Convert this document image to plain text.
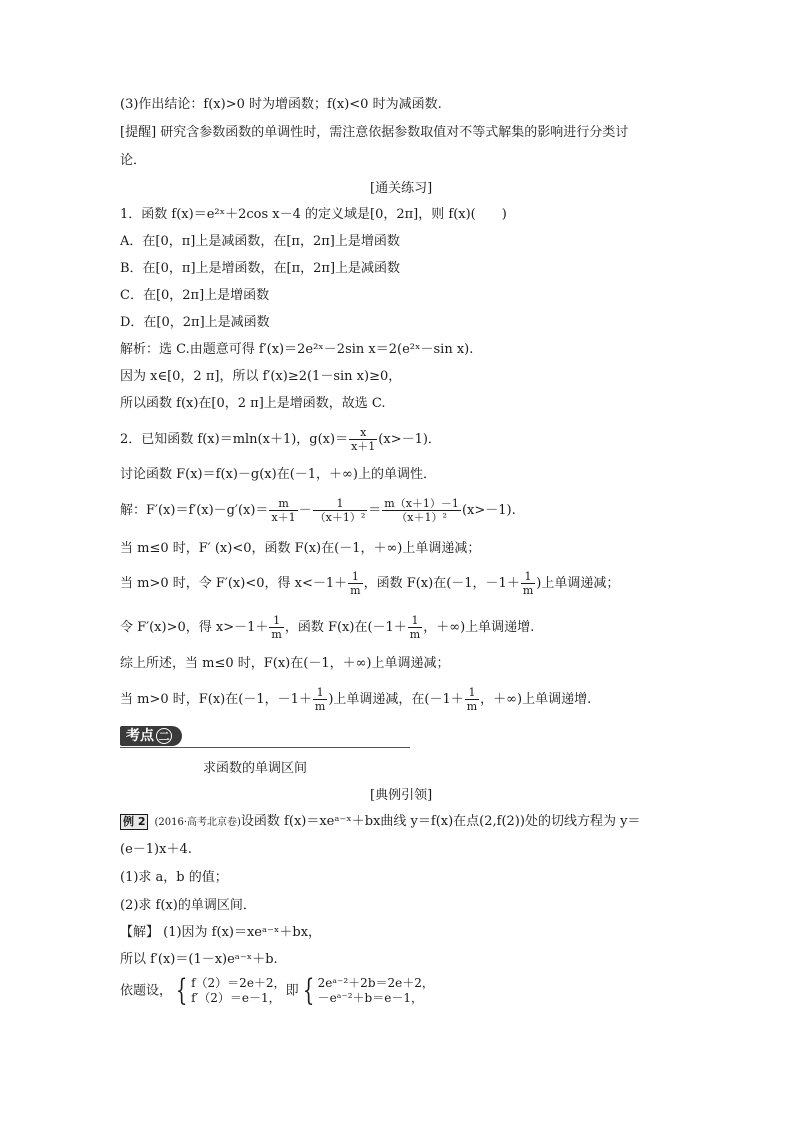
(3)作出结论：f(x)>0 时为增函数；f(x)<0 时为减函数.
[提醒] 研究含参数函数的单调性时，需注意依据参数取值对不等式解集的影响进行分类讨
论．
[通关练习]
1．函数 f(x)＝e²ˣ＋2cos x－4 的定义域是[0，2π]，则 f(x)(　　)
A．在[0，π]上是减函数，在[π，2π]上是增函数
B．在[0，π]上是增函数，在[π，2π]上是减函数
C．在[0，2π]上是增函数
D．在[0，2π]上是减函数
解析：选 C.由题意可得 f′(x)＝2e²ˣ－2sin x＝2(e²ˣ－sin x).
因为 x∈[0，2 π]，所以 f′(x)≥2(1－sin x)≥0，
所以函数 f(x)在[0，2 π]上是增函数，故选 C.
2．已知函数 f(x)＝mln(x＋1)，$g(x)= \frac{x}{x+1} (x>-1)$．
讨论函数 F(x)＝f(x)－g(x)在(－1，＋∞)上的单调性．
解：$F'(x)=f'(x)-g'(x)= \frac{m}{x+1} - \frac{1}{\text{（x＋1）²}} = \frac{m(x+1)-1}{\text{（x＋1）²}} (x>-1)$.
当 m≤0 时，F′ (x)<0，函数 F(x)在(－1，＋∞)上单调递减；
当 m>0 时，令 F′(x)<0，得 $x<-1+ \frac{1}{m}$ ，函数 F(x)在(－1，$-1+ \frac{1}{m}$ )上单调递减；
令 F′(x)>0，得 $x>-1+ \frac{1}{m}$ ，函数 F(x)在($-1+ \frac{1}{m}$ ，＋∞)上单调递增.
综上所述，当 m≤0 时，F(x)在(－1，＋∞)上单调递减；
当 m>0 时，F(x)在(－1，$-1+ \frac{1}{m}$ )上单调递减，在($-1+ \frac{1}{m}$ ，＋∞)上单调递增.
考点 二
求函数的单调区间
[典例引领]
例 2 (2016·高考北京卷)设函数 f(x)＝xeᵃ⁻ˣ＋bx曲线 y＝f(x)在点(2,f(2))处的切线方程为 y＝
(e－1)x＋4.
(1)求 a，b 的值；
(2)求 f(x)的单调区间．
【解】 (1)因为 f(x)＝xeᵃ⁻ˣ＋bx，
所以 f′(x)＝(1－x)eᵃ⁻ˣ＋b.
依题设， { f（2）＝2e＋2，
f′（2）＝e－1， 即 { 2eᵃ⁻²＋2b＝2e＋2，
－eᵃ⁻²＋b＝e－1，
